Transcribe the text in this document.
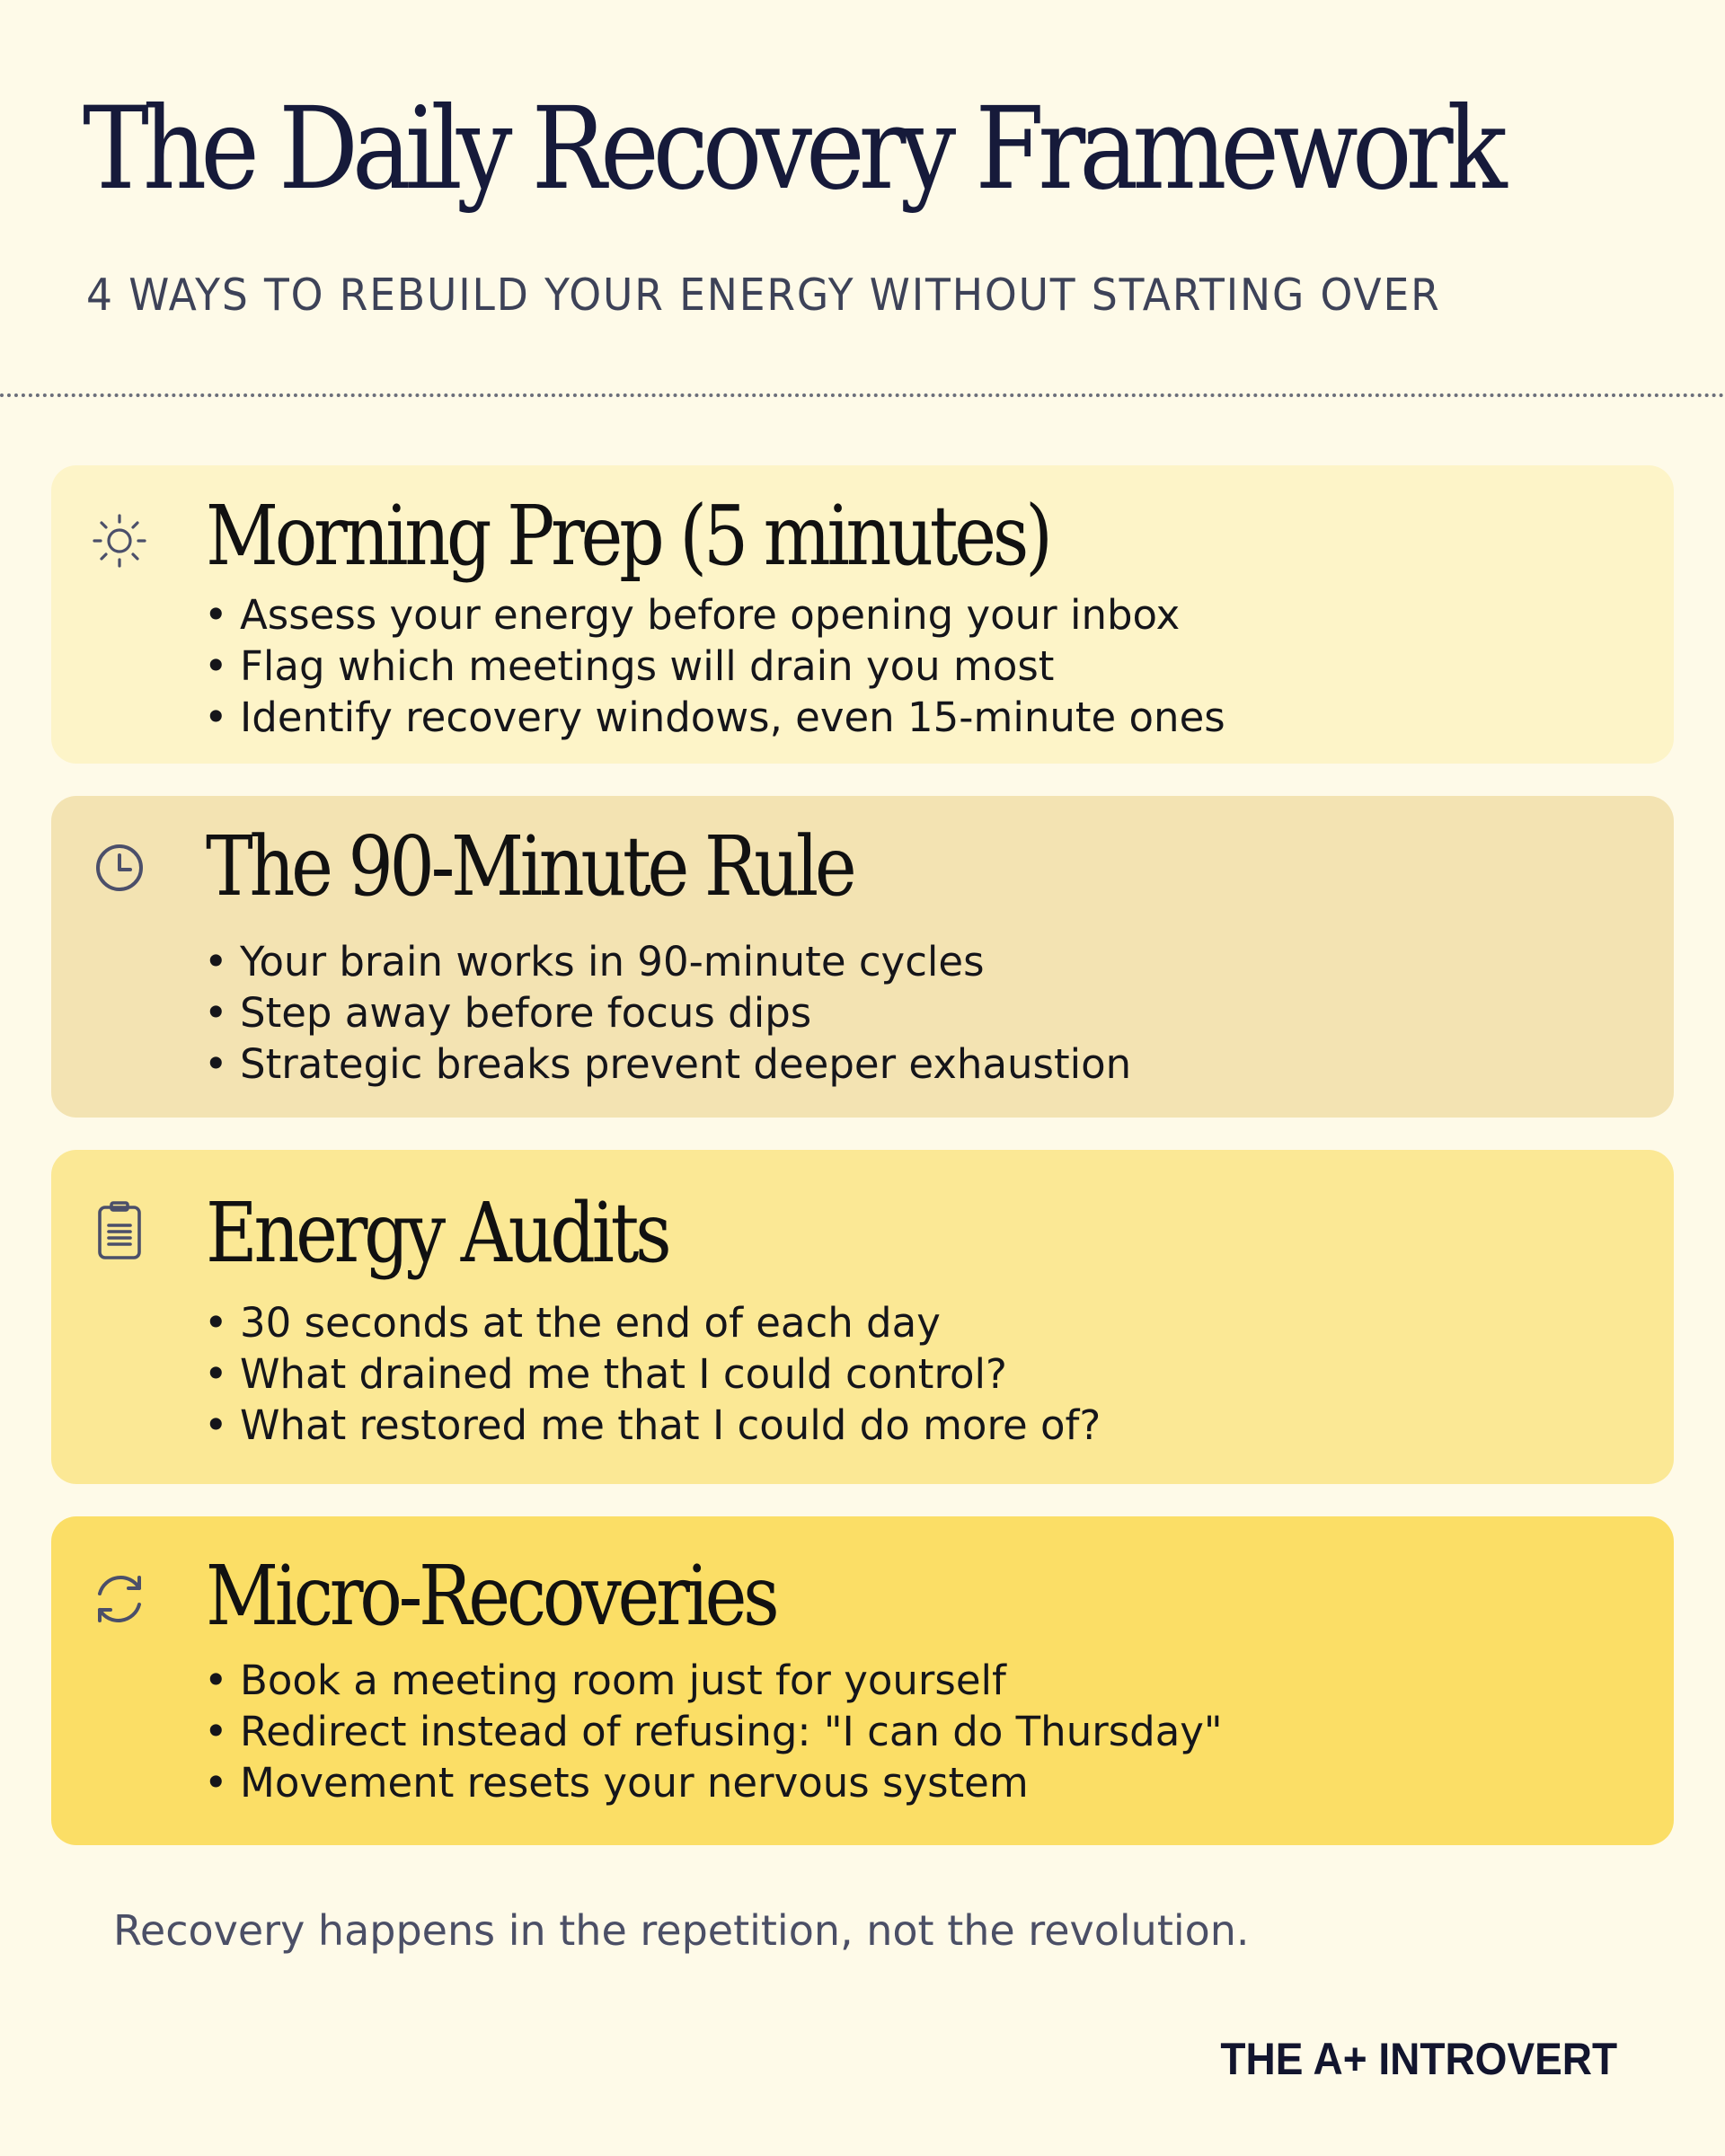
The Daily Recovery Framework

4 WAYS TO REBUILD YOUR ENERGY WITHOUT STARTING OVER

Morning Prep (5 minutes)
• Assess your energy before opening your inbox
• Flag which meetings will drain you most
• Identify recovery windows, even 15-minute ones
The 90-Minute Rule
• Your brain works in 90-minute cycles
• Step away before focus dips
• Strategic breaks prevent deeper exhaustion
Energy Audits
• 30 seconds at the end of each day
• What drained me that I could control?
• What restored me that I could do more of?
Micro-Recoveries
• Book a meeting room just for yourself
• Redirect instead of refusing: "I can do Thursday"
• Movement resets your nervous system

Recovery happens in the repetition, not the revolution.

THE A+ INTROVERT
